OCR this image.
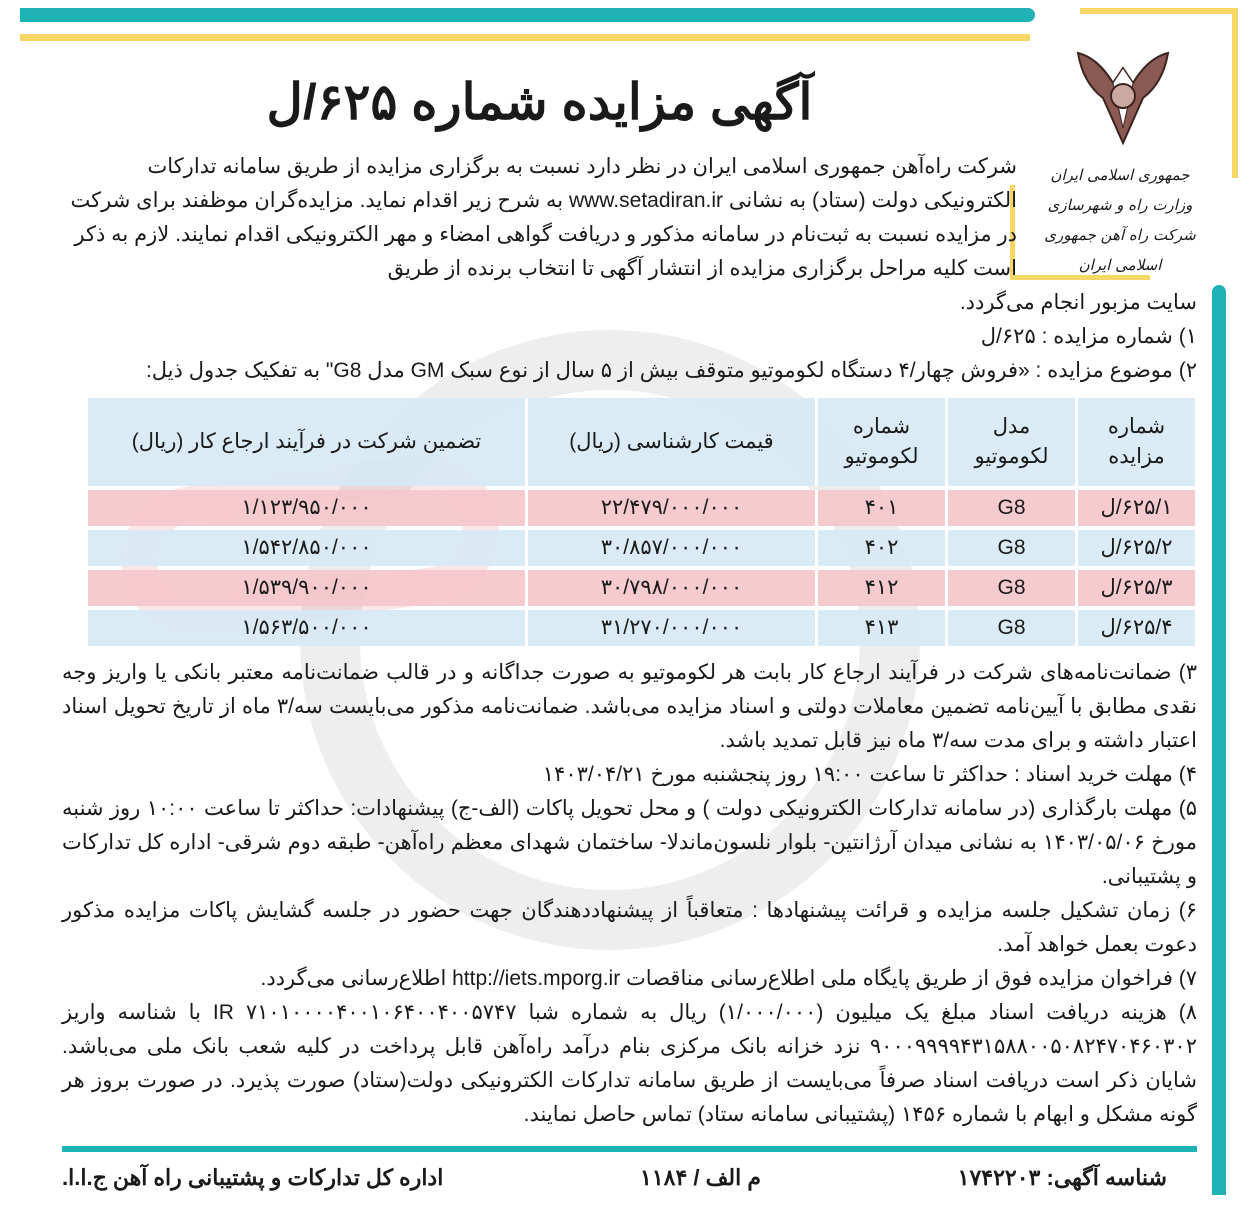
جمهوری اسلامی ایران
وزارت راه و شهرسازی
شرکت راه آهن جمهوری اسلامی ایران
آگهی مزایده شماره ۶۲۵/ل

شرکت راه‌آهن جمهوری اسلامی ایران در نظر دارد نسبت به برگزاری مزایده از طریق سامانه تدارکات الکترونیکی دولت (ستاد) به نشانی www.setadiran.ir به شرح زیر اقدام نماید. مزایده‌گران موظفند برای شرکت در مزایده نسبت به ثبت‌نام در سامانه مذکور و دریافت گواهی امضاء و مهر الکترونیکی اقدام نمایند. لازم به ذکر است کلیه مراحل برگزاری مزایده از انتشار آگهی تا انتخاب برنده از طریق

سایت مزبور انجام می‌گردد.

۱) شماره مزایده : ۶۲۵/ل

۲) موضوع مزایده : «فروش چهار/۴ دستگاه لکوموتیو متوقف بیش از ۵ سال از نوع سبک GM مدل G8" به تفکیک جدول ذیل:

شماره مزایده	مدل لکوموتیو	شماره لکوموتیو	قیمت کارشناسی (ریال)	تضمین شرکت در فرآیند ارجاع کار (ریال)
۶۲۵/۱/ل	G8	۴۰۱	۲۲/۴۷۹/۰۰۰/۰۰۰	۱/۱۲۳/۹۵۰/۰۰۰
۶۲۵/۲/ل	G8	۴۰۲	۳۰/۸۵۷/۰۰۰/۰۰۰	۱/۵۴۲/۸۵۰/۰۰۰
۶۲۵/۳/ل	G8	۴۱۲	۳۰/۷۹۸/۰۰۰/۰۰۰	۱/۵۳۹/۹۰۰/۰۰۰
۶۲۵/۴/ل	G8	۴۱۳	۳۱/۲۷۰/۰۰۰/۰۰۰	۱/۵۶۳/۵۰۰/۰۰۰

۳) ضمانت‌نامه‌های شرکت در فرآیند ارجاع کار بابت هر لکوموتیو به صورت جداگانه و در قالب ضمانت‌نامه معتبر بانکی یا واریز وجه نقدی مطابق با آیین‌نامه تضمین معاملات دولتی و اسناد مزایده می‌باشد. ضمانت‌نامه مذکور می‌بایست سه/۳ ماه از تاریخ تحویل اسناد اعتبار داشته و برای مدت سه/۳ ماه نیز قابل تمدید باشد.

۴) مهلت خرید اسناد : حداکثر تا ساعت ۱۹:۰۰ روز پنجشنبه مورخ ۱۴۰۳/۰۴/۲۱

۵) مهلت بارگذاری (در سامانه تدارکات الکترونیکی دولت ) و محل تحویل پاکات (الف-ج) پیشنهادات: حداکثر تا ساعت ۱۰:۰۰ روز شنبه مورخ ۱۴۰۳/۰۵/۰۶ به نشانی میدان آرژانتین- بلوار نلسون‌ماندلا- ساختمان شهدای معظم راه‌آهن- طبقه دوم شرقی- اداره کل تدارکات و پشتیبانی.

۶) زمان تشکیل جلسه مزایده و قرائت پیشنهادها : متعاقباً از پیشنهاددهندگان جهت حضور در جلسه گشایش پاکات مزایده مذکور دعوت بعمل خواهد آمد.

۷) فراخوان مزایده فوق از طریق پایگاه ملی اطلاع‌رسانی مناقصات http://iets.mporg.ir اطلاع‌رسانی می‌گردد.

۸) هزینه دریافت اسناد مبلغ یک میلیون (۱/۰۰۰/۰۰۰) ریال به شماره شبا IR ۷۱۰۱۰۰۰۰۴۰۰۱۰۶۴۰۰۴۰۰۵۷۴۷ با شناسه واریز ۹۰۰۰۹۹۹۹۴۳۱۵۸۸۰۰۵۰۸۲۴۷۰۴۶۰۳۰۲ نزد خزانه بانک مرکزی بنام درآمد راه‌آهن قابل پرداخت در کلیه شعب بانک ملی می‌باشد. شایان ذکر است دریافت اسناد صرفاً می‌بایست از طریق سامانه تدارکات الکترونیکی دولت(ستاد) صورت پذیرد. در صورت بروز هر گونه مشکل و ابهام با شماره ۱۴۵۶ (پشتیبانی سامانه ستاد) تماس حاصل نمایند.

شناسه آگهی: ۱۷۴۲۲۰۳
م الف / ۱۱۸۴
اداره کل تدارکات و پشتیبانی راه آهن ج.ا.ا.
